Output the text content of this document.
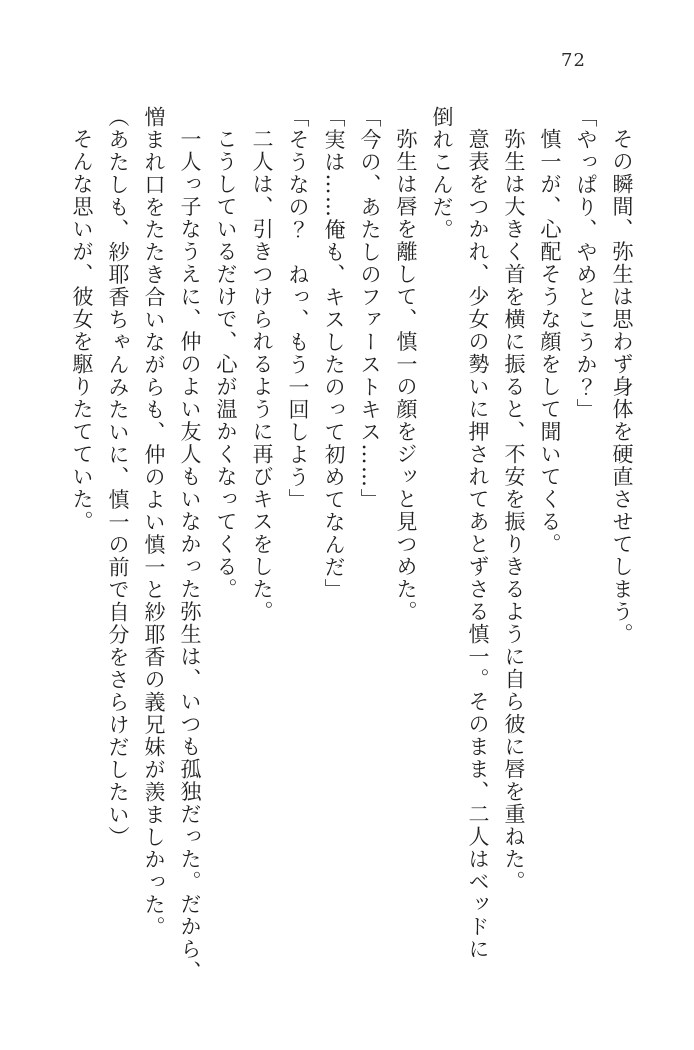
72

その瞬間、弥生は思わず身体を硬直させてしまう。

「やっぱり、やめとこうか？」

慎一が、心配そうな顔をして聞いてくる。

弥生は大きく首を横に振ると、不安を振りきるように自ら彼に唇を重ねた。

意表をつかれ、少女の勢いに押されてあとずさる慎一。そのまま、二人はベッドに

倒れこんだ。

弥生は唇を離して、慎一の顔をジッと見つめた。

「今の、あたしのファーストキス……」

「実は……俺も、キスしたのって初めてなんだ」

「そうなの？　ねっ、もう一回しよう」

二人は、引きつけられるように再びキスをした。

こうしているだけで、心が温かくなってくる。

一人っ子なうえに、仲のよい友人もいなかった弥生は、いつも孤独だった。だから、

憎まれ口をたたき合いながらも、仲のよい慎一と紗耶香の義兄妹が羨ましかった。

（あたしも、紗耶香ちゃんみたいに、慎一の前で自分をさらけだしたい）

そんな思いが、彼女を駆りたてていた。
